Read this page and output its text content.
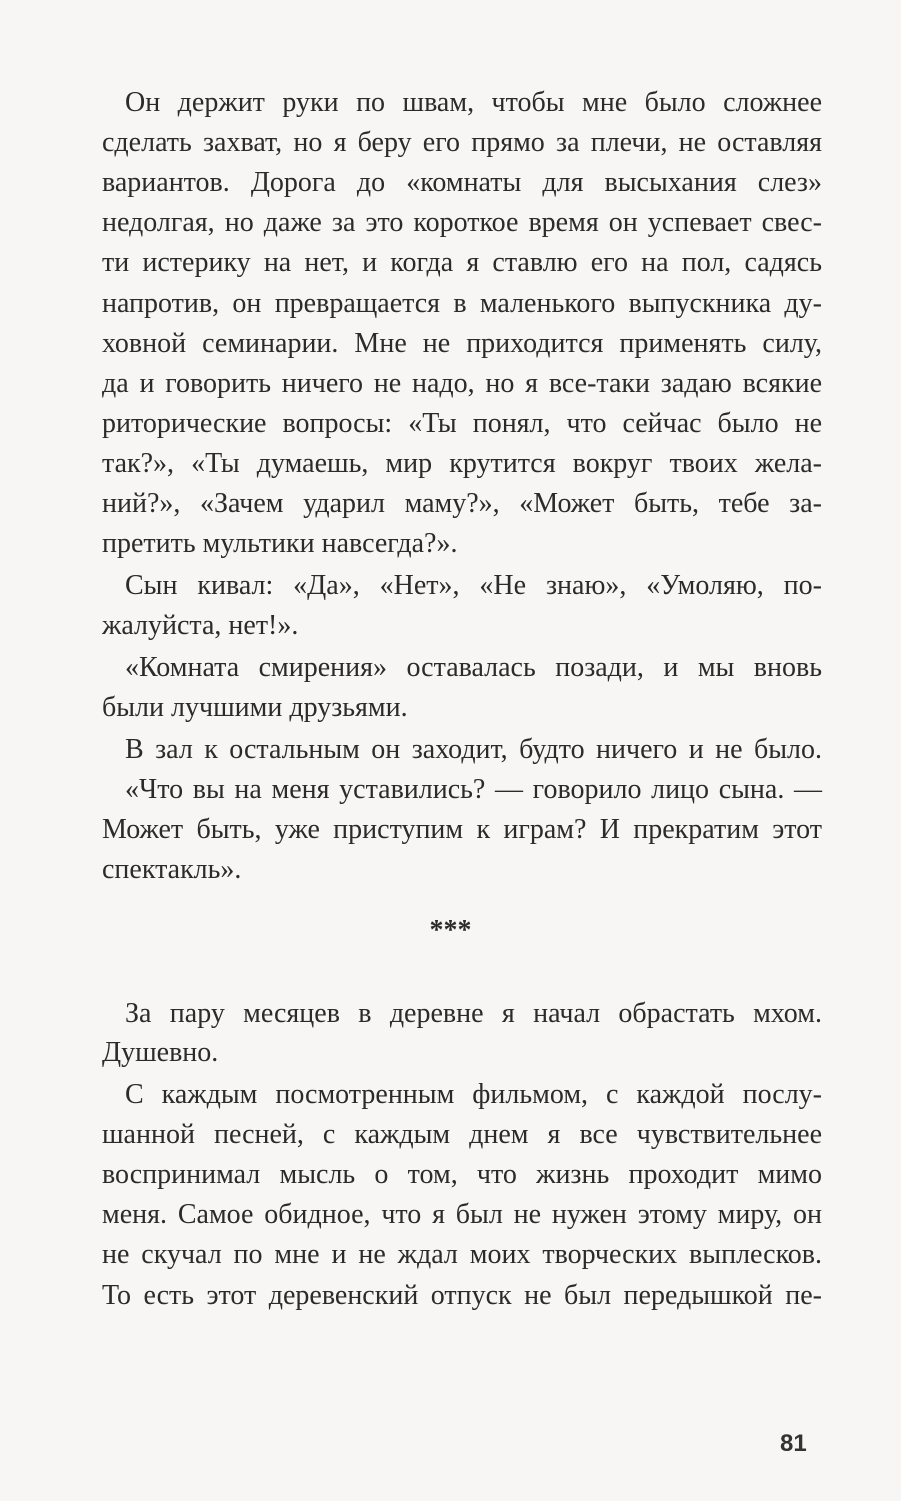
Он держит руки по швам, чтобы мне было сложнее
сделать захват, но я беру его прямо за плечи, не оставляя
вариантов. Дорога до «комнаты для высыхания слез»
недолгая, но даже за это короткое время он успевает свес-
ти истерику на нет, и когда я ставлю его на пол, садясь
напротив, он превращается в маленького выпускника ду-
ховной семинарии. Мне не приходится применять силу,
да и говорить ничего не надо, но я все-таки задаю всякие
риторические вопросы: «Ты понял, что сейчас было не
так?», «Ты думаешь, мир крутится вокруг твоих жела-
ний?», «Зачем ударил маму?», «Может быть, тебе за-
претить мультики навсегда?».
Сын кивал: «Да», «Нет», «Не знаю», «Умоляю, по-
жалуйста, нет!».
«Комната смирения» оставалась позади, и мы вновь
были лучшими друзьями.
В зал к остальным он заходит, будто ничего и не было.
«Что вы на меня уставились? — говорило лицо сына. —
Может быть, уже приступим к играм? И прекратим этот
спектакль».
***
За пару месяцев в деревне я начал обрастать мхом.
Душевно.
С каждым посмотренным фильмом, с каждой послу-
шанной песней, с каждым днем я все чувствительнее
воспринимал мысль о том, что жизнь проходит мимо
меня. Самое обидное, что я был не нужен этому миру, он
не скучал по мне и не ждал моих творческих выплесков.
То есть этот деревенский отпуск не был передышкой пе-
81
